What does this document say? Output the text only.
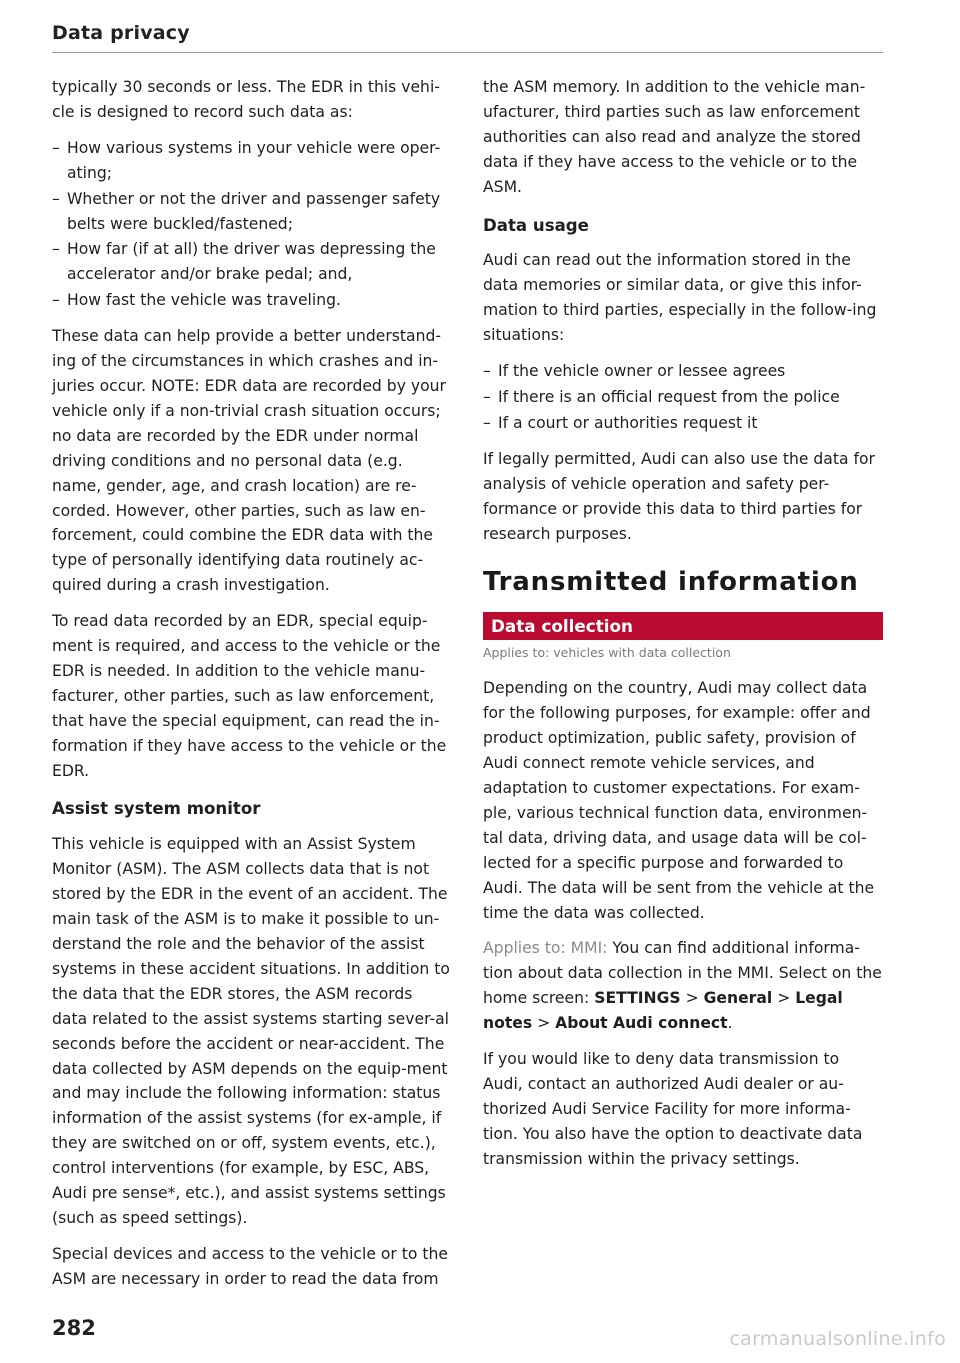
Data privacy

typically 30 seconds or less. The EDR in this vehi-cle is designed to record such data as:

– How various systems in your vehicle were oper-ating;
– Whether or not the driver and passenger safety belts were buckled/fastened;
– How far (if at all) the driver was depressing the accelerator and/or brake pedal; and,
– How fast the vehicle was traveling.

These data can help provide a better understand-ing of the circumstances in which crashes and in-juries occur. NOTE: EDR data are recorded by your vehicle only if a non-trivial crash situation occurs; no data are recorded by the EDR under normal driving conditions and no personal data (e.g. name, gender, age, and crash location) are re-corded. However, other parties, such as law en-forcement, could combine the EDR data with the type of personally identifying data routinely ac-quired during a crash investigation.

To read data recorded by an EDR, special equip-ment is required, and access to the vehicle or the EDR is needed. In addition to the vehicle manu-facturer, other parties, such as law enforcement, that have the special equipment, can read the in-formation if they have access to the vehicle or the EDR.

Assist system monitor

This vehicle is equipped with an Assist System Monitor (ASM). The ASM collects data that is not stored by the EDR in the event of an accident. The main task of the ASM is to make it possible to un-derstand the role and the behavior of the assist systems in these accident situations. In addition to the data that the EDR stores, the ASM records data related to the assist systems starting sever-al seconds before the accident or near-accident. The data collected by ASM depends on the equip-ment and may include the following information: status information of the assist systems (for ex-ample, if they are switched on or off, system events, etc.), control interventions (for example, by ESC, ABS, Audi pre sense*, etc.), and assist systems settings (such as speed settings).

Special devices and access to the vehicle or to the ASM are necessary in order to read the data from

the ASM memory. In addition to the vehicle man-ufacturer, third parties such as law enforcement authorities can also read and analyze the stored data if they have access to the vehicle or to the ASM.

Data usage

Audi can read out the information stored in the data memories or similar data, or give this infor-mation to third parties, especially in the follow-ing situations:

– If the vehicle owner or lessee agrees
– If there is an official request from the police
– If a court or authorities request it

If legally permitted, Audi can also use the data for analysis of vehicle operation and safety per-formance or provide this data to third parties for research purposes.

Transmitted information
Data collection
Applies to: vehicles with data collection

Depending on the country, Audi may collect data for the following purposes, for example: offer and product optimization, public safety, provision of Audi connect remote vehicle services, and adaptation to customer expectations. For exam-ple, various technical function data, environmen-tal data, driving data, and usage data will be col-lected for a specific purpose and forwarded to Audi. The data will be sent from the vehicle at the time the data was collected.

Applies to: MMI: You can find additional informa-tion about data collection in the MMI. Select on the home screen: SETTINGS > General > Legal notes > About Audi connect.

If you would like to deny data transmission to Audi, contact an authorized Audi dealer or au-thorized Audi Service Facility for more informa-tion. You also have the option to deactivate data transmission within the privacy settings.

282	carmanualsonline.info
